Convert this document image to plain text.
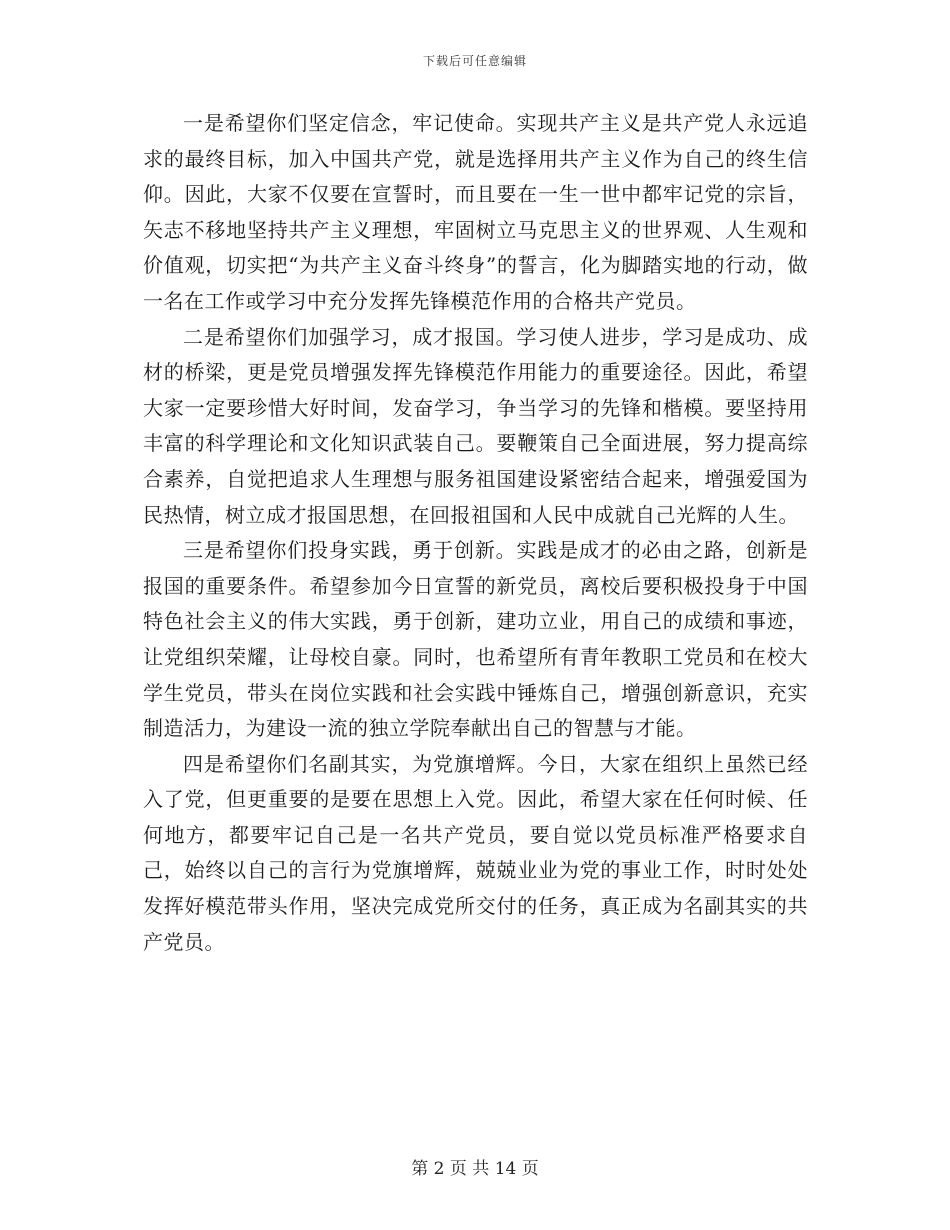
下载后可任意编辑

一是希望你们坚定信念，牢记使命。实现共产主义是共产党人永远追求的最终目标，加入中国共产党，就是选择用共产主义作为自己的终生信仰。因此，大家不仅要在宣誓时，而且要在一生一世中都牢记党的宗旨，矢志不移地坚持共产主义理想，牢固树立马克思主义的世界观、人生观和价值观，切实把“为共产主义奋斗终身”的誓言，化为脚踏实地的行动，做一名在工作或学习中充分发挥先锋模范作用的合格共产党员。

二是希望你们加强学习，成才报国。学习使人进步，学习是成功、成材的桥梁，更是党员增强发挥先锋模范作用能力的重要途径。因此，希望大家一定要珍惜大好时间，发奋学习，争当学习的先锋和楷模。要坚持用丰富的科学理论和文化知识武装自己。要鞭策自己全面进展，努力提高综合素养，自觉把追求人生理想与服务祖国建设紧密结合起来，增强爱国为民热情，树立成才报国思想，在回报祖国和人民中成就自己光辉的人生。

三是希望你们投身实践，勇于创新。实践是成才的必由之路，创新是报国的重要条件。希望参加今日宣誓的新党员，离校后要积极投身于中国特色社会主义的伟大实践，勇于创新，建功立业，用自己的成绩和事迹，让党组织荣耀，让母校自豪。同时，也希望所有青年教职工党员和在校大学生党员，带头在岗位实践和社会实践中锤炼自己，增强创新意识，充实制造活力，为建设一流的独立学院奉献出自己的智慧与才能。

四是希望你们名副其实，为党旗增辉。今日，大家在组织上虽然已经入了党，但更重要的是要在思想上入党。因此，希望大家在任何时候、任何地方，都要牢记自己是一名共产党员，要自觉以党员标准严格要求自己，始终以自己的言行为党旗增辉，兢兢业业为党的事业工作，时时处处发挥好模范带头作用，坚决完成党所交付的任务，真正成为名副其实的共产党员。

第 2 页 共 14 页
